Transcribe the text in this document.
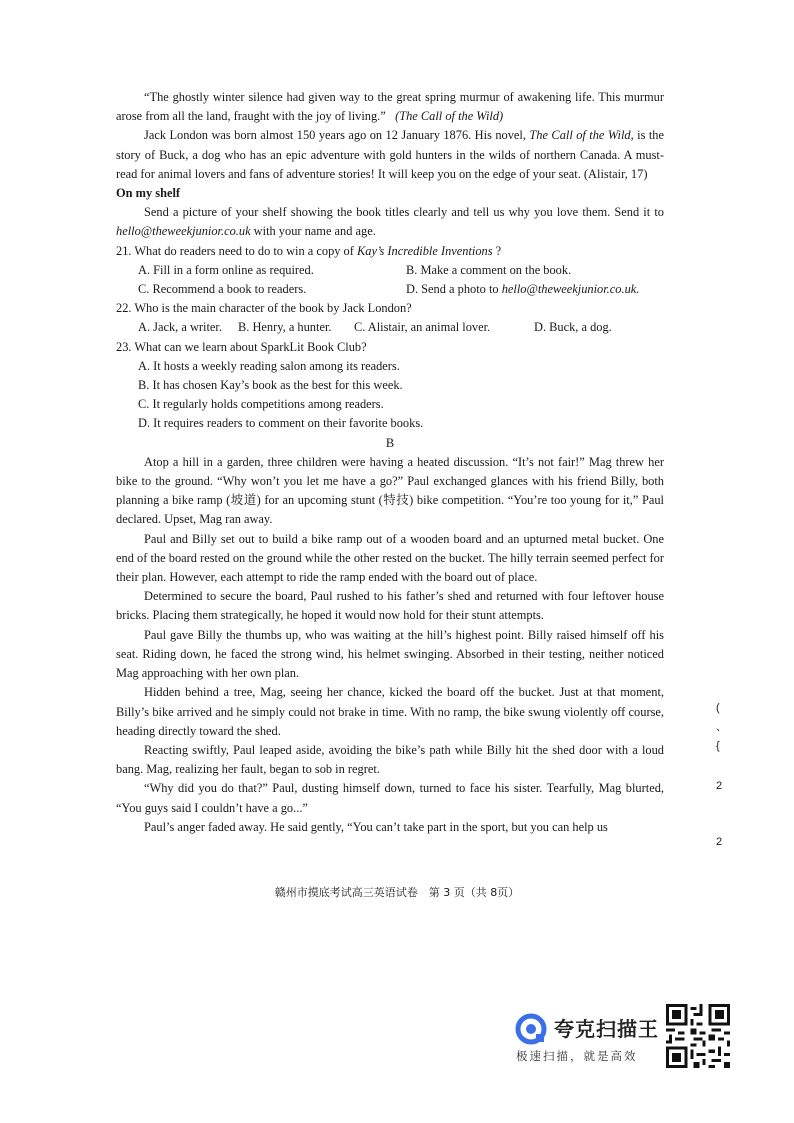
“The ghostly winter silence had given way to the great spring murmur of awakening life. This murmur arose from all the land, fraught with the joy of living.” (The Call of the Wild)

Jack London was born almost 150 years ago on 12 January 1876. His novel, The Call of the Wild, is the story of Buck, a dog who has an epic adventure with gold hunters in the wilds of northern Canada. A must-read for animal lovers and fans of adventure stories! It will keep you on the edge of your seat. (Alistair, 17)

On my shelf

Send a picture of your shelf showing the book titles clearly and tell us why you love them. Send it to hello@theweekjunior.co.uk with your name and age.

21. What do readers need to do to win a copy of Kay’s Incredible Inventions ?

A. Fill in a form online as required.	B. Make a comment on the book.
C. Recommend a book to readers.	D. Send a photo to hello@theweekjunior.co.uk.

22. Who is the main character of the book by Jack London?

A. Jack, a writer.	B. Henry, a hunter.	C. Alistair, an animal lover.	D. Buck, a dog.

23. What can we learn about SparkLit Book Club?

A. It hosts a weekly reading salon among its readers.
B. It has chosen Kay’s book as the best for this week.
C. It regularly holds competitions among readers.
D. It requires readers to comment on their favorite books.

B

Atop a hill in a garden, three children were having a heated discussion. “It’s not fair!” Mag threw her bike to the ground. “Why won’t you let me have a go?” Paul exchanged glances with his friend Billy, both planning a bike ramp (坡道) for an upcoming stunt (特技) bike competition. “You’re too young for it,” Paul declared. Upset, Mag ran away.

Paul and Billy set out to build a bike ramp out of a wooden board and an upturned metal bucket. One end of the board rested on the ground while the other rested on the bucket. The hilly terrain seemed perfect for their plan. However, each attempt to ride the ramp ended with the board out of place.

Determined to secure the board, Paul rushed to his father’s shed and returned with four leftover house bricks. Placing them strategically, he hoped it would now hold for their stunt attempts.

Paul gave Billy the thumbs up, who was waiting at the hill’s highest point. Billy raised himself off his seat. Riding down, he faced the strong wind, his helmet swinging. Absorbed in their testing, neither noticed Mag approaching with her own plan.

Hidden behind a tree, Mag, seeing her chance, kicked the board off the bucket. Just at that moment, Billy’s bike arrived and he simply could not brake in time. With no ramp, the bike swung violently off course, heading directly toward the shed.

Reacting swiftly, Paul leaped aside, avoiding the bike’s path while Billy hit the shed door with a loud bang. Mag, realizing her fault, began to sob in regret.

“Why did you do that?” Paul, dusting himself down, turned to face his sister. Tearfully, Mag blurted, “You guys said I couldn’t have a go...”

Paul’s anger faded away. He said gently, “You can’t take part in the sport, but you can help us

(
、
{
2
2
赣州市摸底考试高三英语试卷　第 3 页（共 8页）
夸克扫描王
极速扫描，就是高效
